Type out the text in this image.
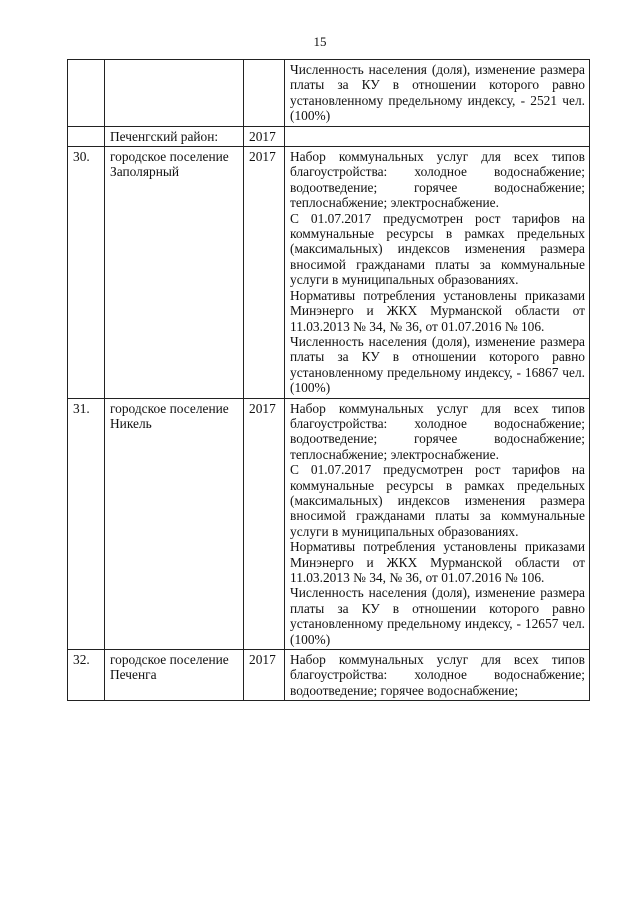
15

			Численность населения (доля), изменение размера платы за КУ в отношении которого равно установленному предельному индексу, - 2521 чел. (100%)

	Печенгский район:	2017	

30.	городское поселение Заполярный	2017	Набор коммунальных услуг для всех типов благоустройства: холодное водоснабжение; водоотведение; горячее водоснабжение; теплоснабжение; электроснабжение.

С 01.07.2017 предусмотрен рост тарифов на коммунальные ресурсы в рамках предельных (максимальных) индексов изменения размера вносимой гражданами платы за коммунальные услуги в муниципальных образованиях.

Нормативы потребления установлены приказами Минэнерго и ЖКХ Мурманской области от 11.03.2013 № 34, № 36, от 01.07.2016 № 106.

Численность населения (доля), изменение размера платы за КУ в отношении которого равно установленному предельному индексу, - 16867 чел. (100%)

31.	городское поселение Никель	2017	Набор коммунальных услуг для всех типов благоустройства: холодное водоснабжение; водоотведение; горячее водоснабжение; теплоснабжение; электроснабжение.

С 01.07.2017 предусмотрен рост тарифов на коммунальные ресурсы в рамках предельных (максимальных) индексов изменения размера вносимой гражданами платы за коммунальные услуги в муниципальных образованиях.

Нормативы потребления установлены приказами Минэнерго и ЖКХ Мурманской области от 11.03.2013 № 34, № 36, от 01.07.2016 № 106.

Численность населения (доля), изменение размера платы за КУ в отношении которого равно установленному предельному индексу, - 12657 чел. (100%)

32.	городское поселение Печенга	2017	Набор коммунальных услуг для всех типов благоустройства: холодное водоснабжение; водоотведение; горячее водоснабжение;
